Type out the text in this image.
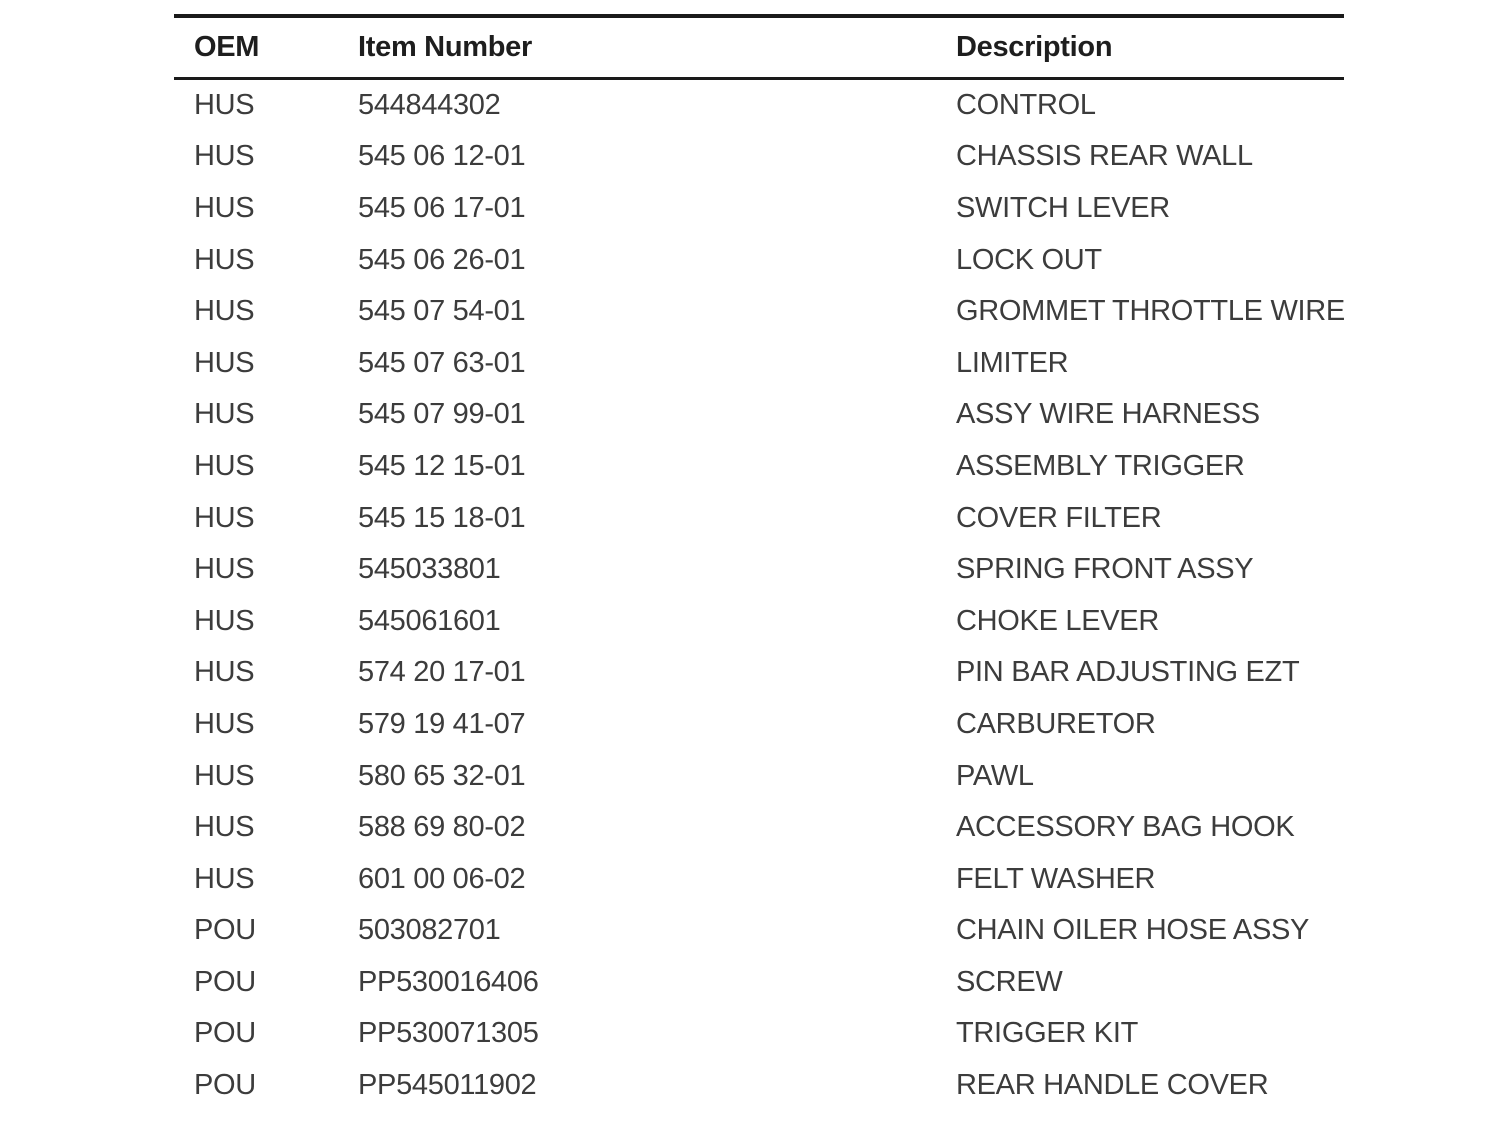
OEM	Item Number	Description
HUS	544844302	CONTROL
HUS	545 06 12-01	CHASSIS REAR WALL
HUS	545 06 17-01	SWITCH LEVER
HUS	545 06 26-01	LOCK OUT
HUS	545 07 54-01	GROMMET THROTTLE WIRE
HUS	545 07 63-01	LIMITER
HUS	545 07 99-01	ASSY WIRE HARNESS
HUS	545 12 15-01	ASSEMBLY TRIGGER
HUS	545 15 18-01	COVER FILTER
HUS	545033801	SPRING FRONT ASSY
HUS	545061601	CHOKE LEVER
HUS	574 20 17-01	PIN BAR ADJUSTING EZT
HUS	579 19 41-07	CARBURETOR
HUS	580 65 32-01	PAWL
HUS	588 69 80-02	ACCESSORY BAG HOOK
HUS	601 00 06-02	FELT WASHER
POU	503082701	CHAIN OILER HOSE ASSY
POU	PP530016406	SCREW
POU	PP530071305	TRIGGER KIT
POU	PP545011902	REAR HANDLE COVER
